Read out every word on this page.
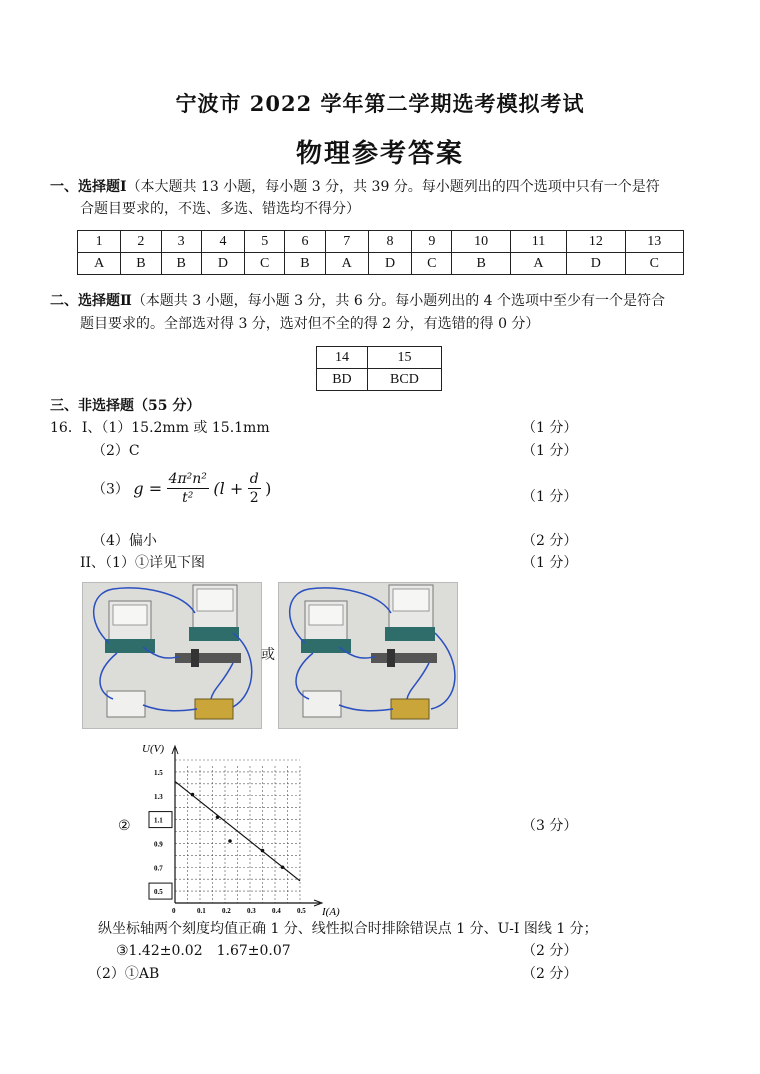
宁波市 2022 学年第二学期选考模拟考试
物理参考答案
一、选择题Ⅰ（本大题共 13 小题，每小题 3 分，共 39 分。每小题列出的四个选项中只有一个是符
合题目要求的，不选、多选、错选均不得分）
1	2	3	4	5	6	7	8	9	10	11	12	13
A	B	B	D	C	B	A	D	C	B	A	D	C
二、选择题Ⅱ（本题共 3 小题，每小题 3 分，共 6 分。每小题列出的 4 个选项中至少有一个是符合
题目要求的。全部选对得 3 分，选对但不全的得 2 分，有选错的得 0 分）
14	15
BD	BCD
三、非选择题（55 分）
16．I、（1）15.2mm 或 15.1mm	（1 分）
（2）C	（1 分）
（3） $g = \frac{\text{4π²n²}}{\text{t²}} (l + \frac{d}{2}$ )	（1 分）
（4）偏小	（2 分）
II、（1）①详见下图	（1 分）
或
②	（3 分）
U(V)
I(A)
0	0.1 0.2 0.3 0.4 0.5
0.5
0.7
0.9
1.1
1.3
1.5
纵坐标轴两个刻度均值正确 1 分、线性拟合时排除错误点 1 分、U-I 图线 1 分；
③1.42±0.02　1.67±0.07	（2 分）
（2）①AB	（2 分）
